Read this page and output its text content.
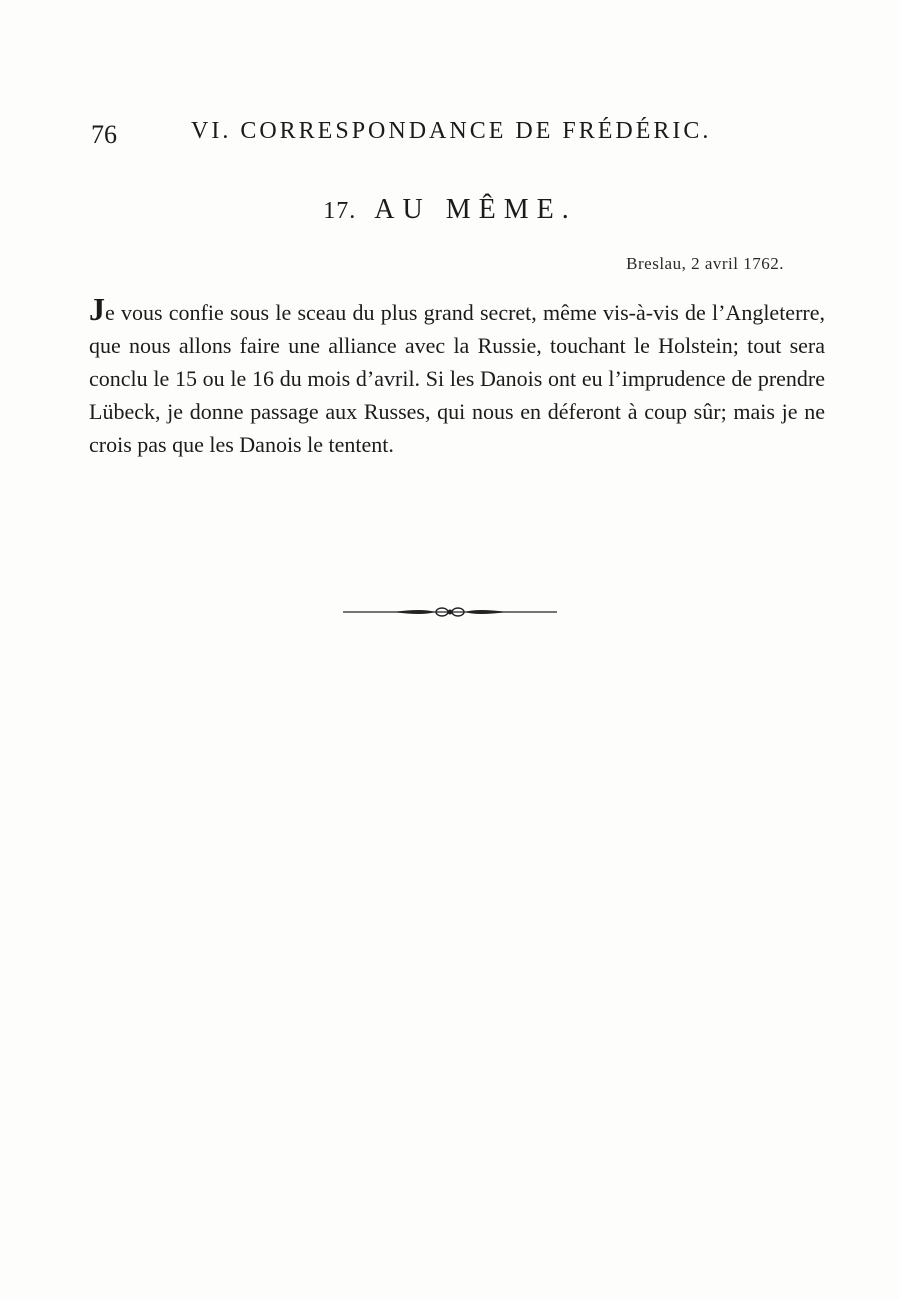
76	VI. CORRESPONDANCE DE FRÉDÉRIC.
17. AU MÊME.
Breslau, 2 avril 1762.

Je vous confie sous le sceau du plus grand secret, même vis-à-vis de l’Angleterre, que nous allons faire une alliance avec la Russie, touchant le Holstein; tout sera conclu le 15 ou le 16 du mois d’avril. Si les Danois ont eu l’imprudence de prendre Lübeck, je donne passage aux Russes, qui nous en déferont à coup sûr; mais je ne crois pas que les Danois le tentent.
